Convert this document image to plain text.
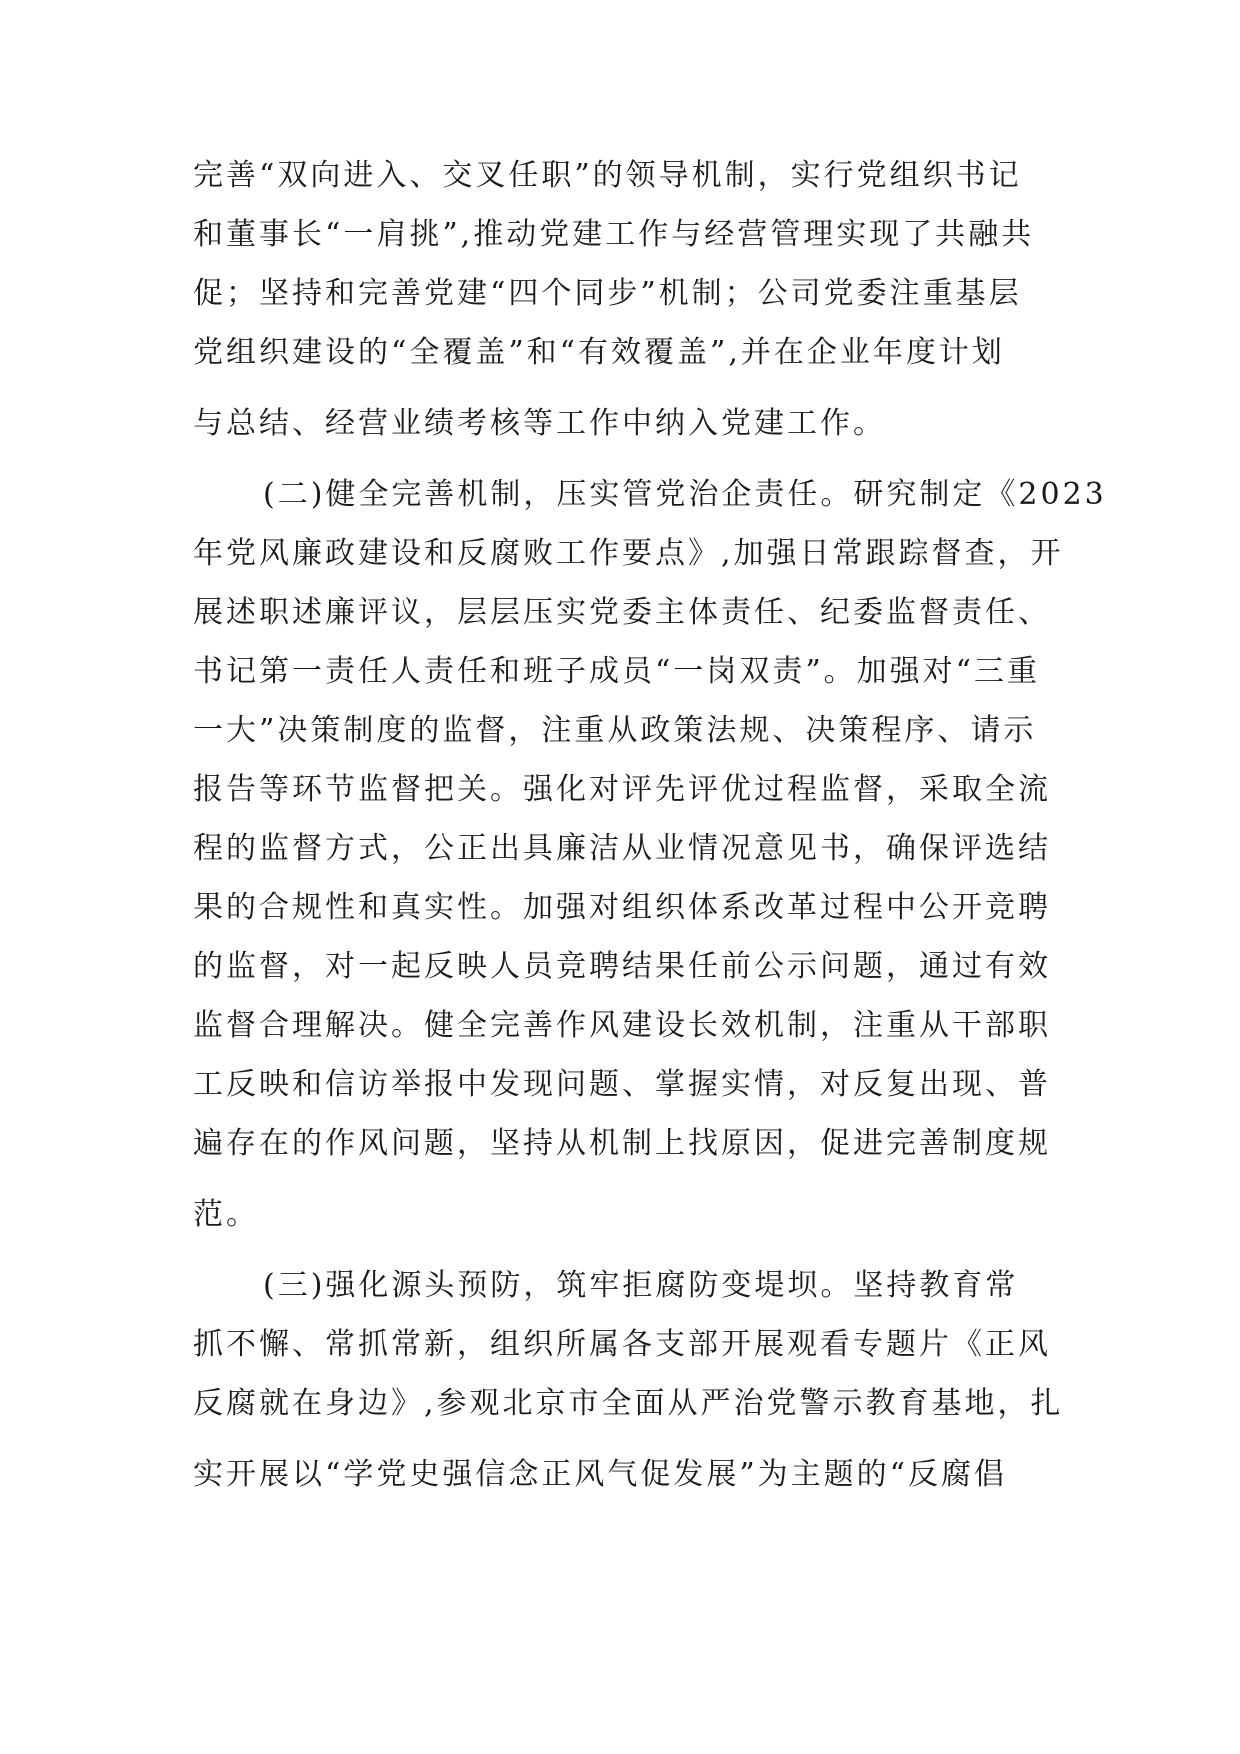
完善“双向进入、交叉任职”的领导机制，实行党组织书记
和董事长“一肩挑”,推动党建工作与经营管理实现了共融共
促；坚持和完善党建“四个同步”机制；公司党委注重基层
党组织建设的“全覆盖”和“有效覆盖”,并在企业年度计划
与总结、经营业绩考核等工作中纳入党建工作。

(二)健全完善机制，压实管党治企责任。研究制定《2023
年党风廉政建设和反腐败工作要点》,加强日常跟踪督查，开
展述职述廉评议，层层压实党委主体责任、纪委监督责任、
书记第一责任人责任和班子成员“一岗双责”。加强对“三重
一大”决策制度的监督，注重从政策法规、决策程序、请示
报告等环节监督把关。强化对评先评优过程监督，采取全流
程的监督方式，公正出具廉洁从业情况意见书，确保评选结
果的合规性和真实性。加强对组织体系改革过程中公开竞聘
的监督，对一起反映人员竞聘结果任前公示问题，通过有效
监督合理解决。健全完善作风建设长效机制，注重从干部职
工反映和信访举报中发现问题、掌握实情，对反复出现、普
遍存在的作风问题，坚持从机制上找原因，促进完善制度规
范。

(三)强化源头预防，筑牢拒腐防变堤坝。坚持教育常
抓不懈、常抓常新，组织所属各支部开展观看专题片《正风
反腐就在身边》,参观北京市全面从严治党警示教育基地，扎
实开展以“学党史强信念正风气促发展”为主题的“反腐倡
